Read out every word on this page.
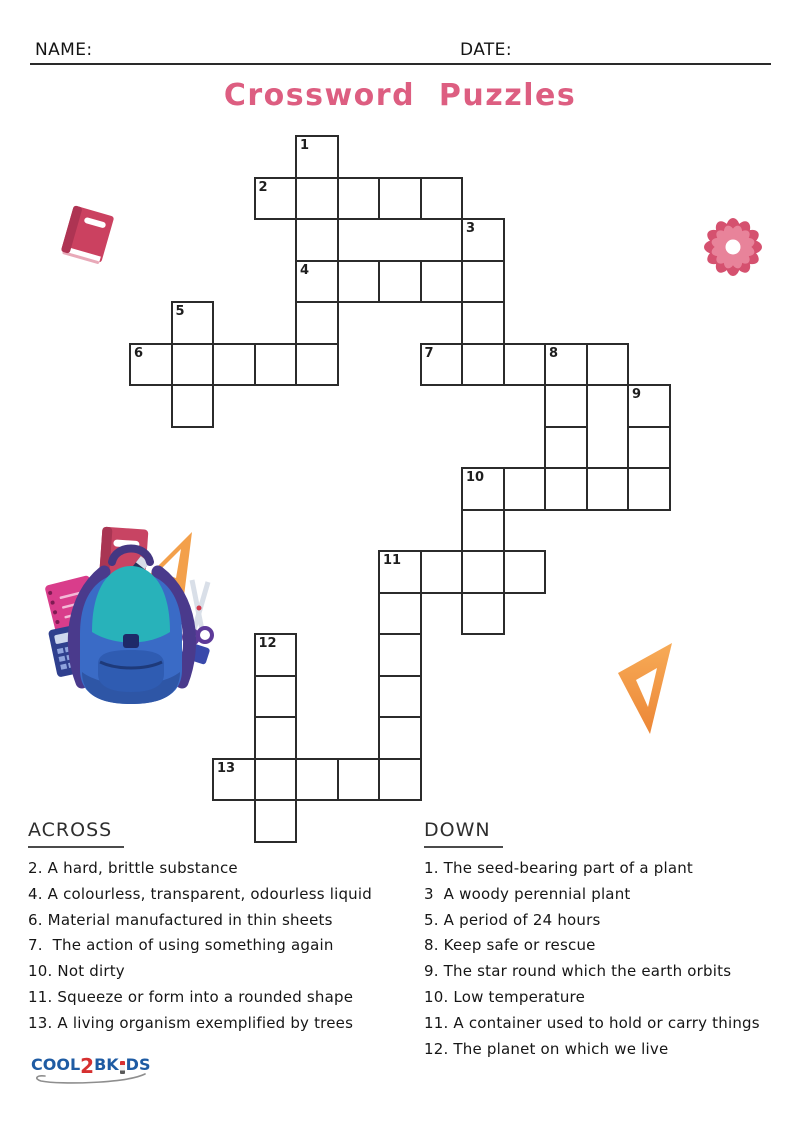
NAME:	DATE:
Crossword  Puzzles
1
2
3
4
5
6	7	8
9
10
11
12
13
ACROSS	DOWN
2. A hard, brittle substance
4. A colourless, transparent, odourless liquid
6. Material manufactured in thin sheets
7.  The action of using something again
10. Not dirty
11. Squeeze or form into a rounded shape
13. A living organism exemplified by trees
1. The seed-bearing part of a plant
3  A woody perennial plant
5. A period of 24 hours
8. Keep safe or rescue
9. The star round which the earth orbits
10. Low temperature
11. A container used to hold or carry things
12. The planet on which we live
COOL 2 BK DS
